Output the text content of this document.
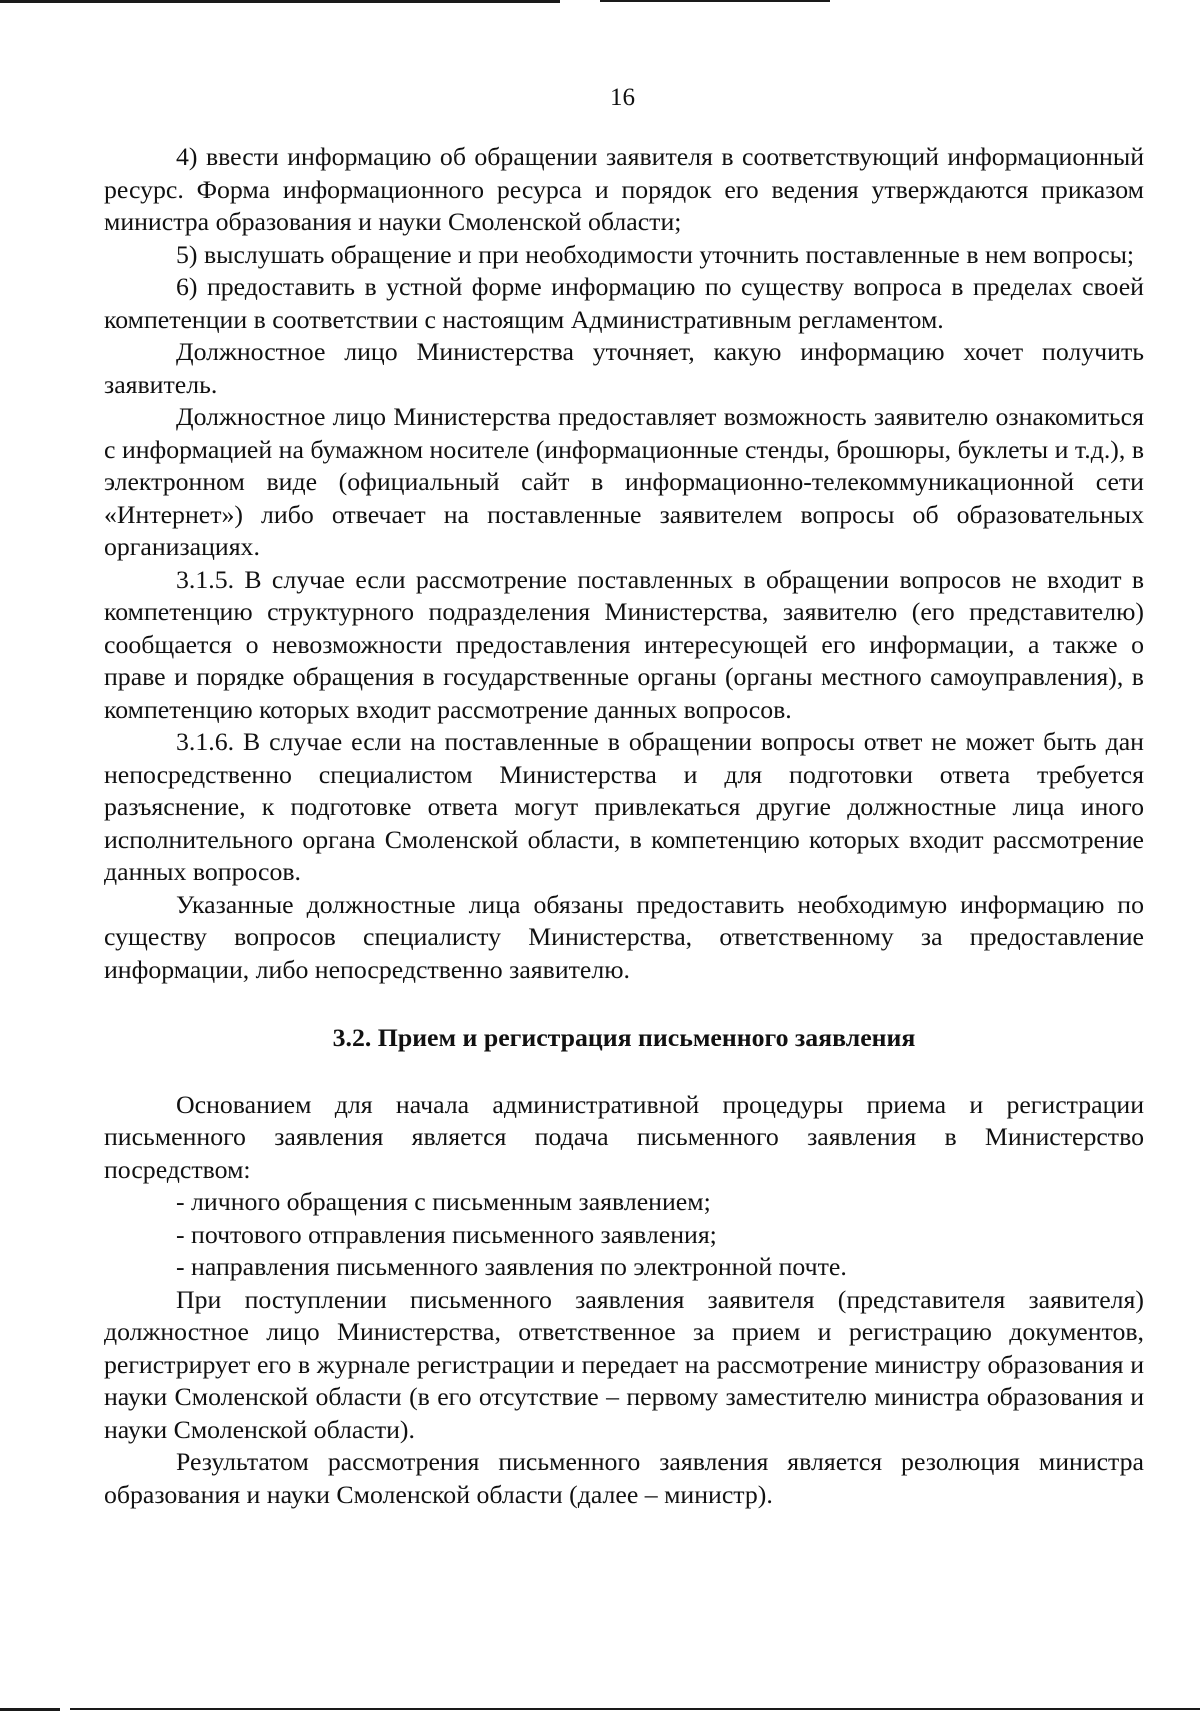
16

4) ввести информацию об обращении заявителя в соответствующий информационный ресурс. Форма информационного ресурса и порядок его ведения утверждаются приказом министра образования и науки Смоленской области;

5) выслушать обращение и при необходимости уточнить поставленные в нем вопросы;

6) предоставить в устной форме информацию по существу вопроса в пределах своей компетенции в соответствии с настоящим Административным регламентом.

Должностное лицо Министерства уточняет, какую информацию хочет получить заявитель.

Должностное лицо Министерства предоставляет возможность заявителю ознакомиться с информацией на бумажном носителе (информационные стенды, брошюры, буклеты и т.д.), в электронном виде (официальный сайт в информационно-телекоммуникационной сети «Интернет») либо отвечает на поставленные заявителем вопросы об образовательных организациях.

3.1.5. В случае если рассмотрение поставленных в обращении вопросов не входит в компетенцию структурного подразделения Министерства, заявителю (его представителю) сообщается о невозможности предоставления интересующей его информации, а также о праве и порядке обращения в государственные органы (органы местного самоуправления), в компетенцию которых входит рассмотрение данных вопросов.

3.1.6. В случае если на поставленные в обращении вопросы ответ не может быть дан непосредственно специалистом Министерства и для подготовки ответа требуется разъяснение, к подготовке ответа могут привлекаться другие должностные лица иного исполнительного органа Смоленской области, в компетенцию которых входит рассмотрение данных вопросов.

Указанные должностные лица обязаны предоставить необходимую информацию по существу вопросов специалисту Министерства, ответственному за предоставление информации, либо непосредственно заявителю.

3.2. Прием и регистрация письменного заявления

Основанием для начала административной процедуры приема и регистрации письменного заявления является подача письменного заявления в Министерство посредством:

- личного обращения с письменным заявлением;

- почтового отправления письменного заявления;

- направления письменного заявления по электронной почте.

При поступлении письменного заявления заявителя (представителя заявителя) должностное лицо Министерства, ответственное за прием и регистрацию документов, регистрирует его в журнале регистрации и передает на рассмотрение министру образования и науки Смоленской области (в его отсутствие – первому заместителю министра образования и науки Смоленской области).

Результатом рассмотрения письменного заявления является резолюция министра образования и науки Смоленской области (далее – министр).
